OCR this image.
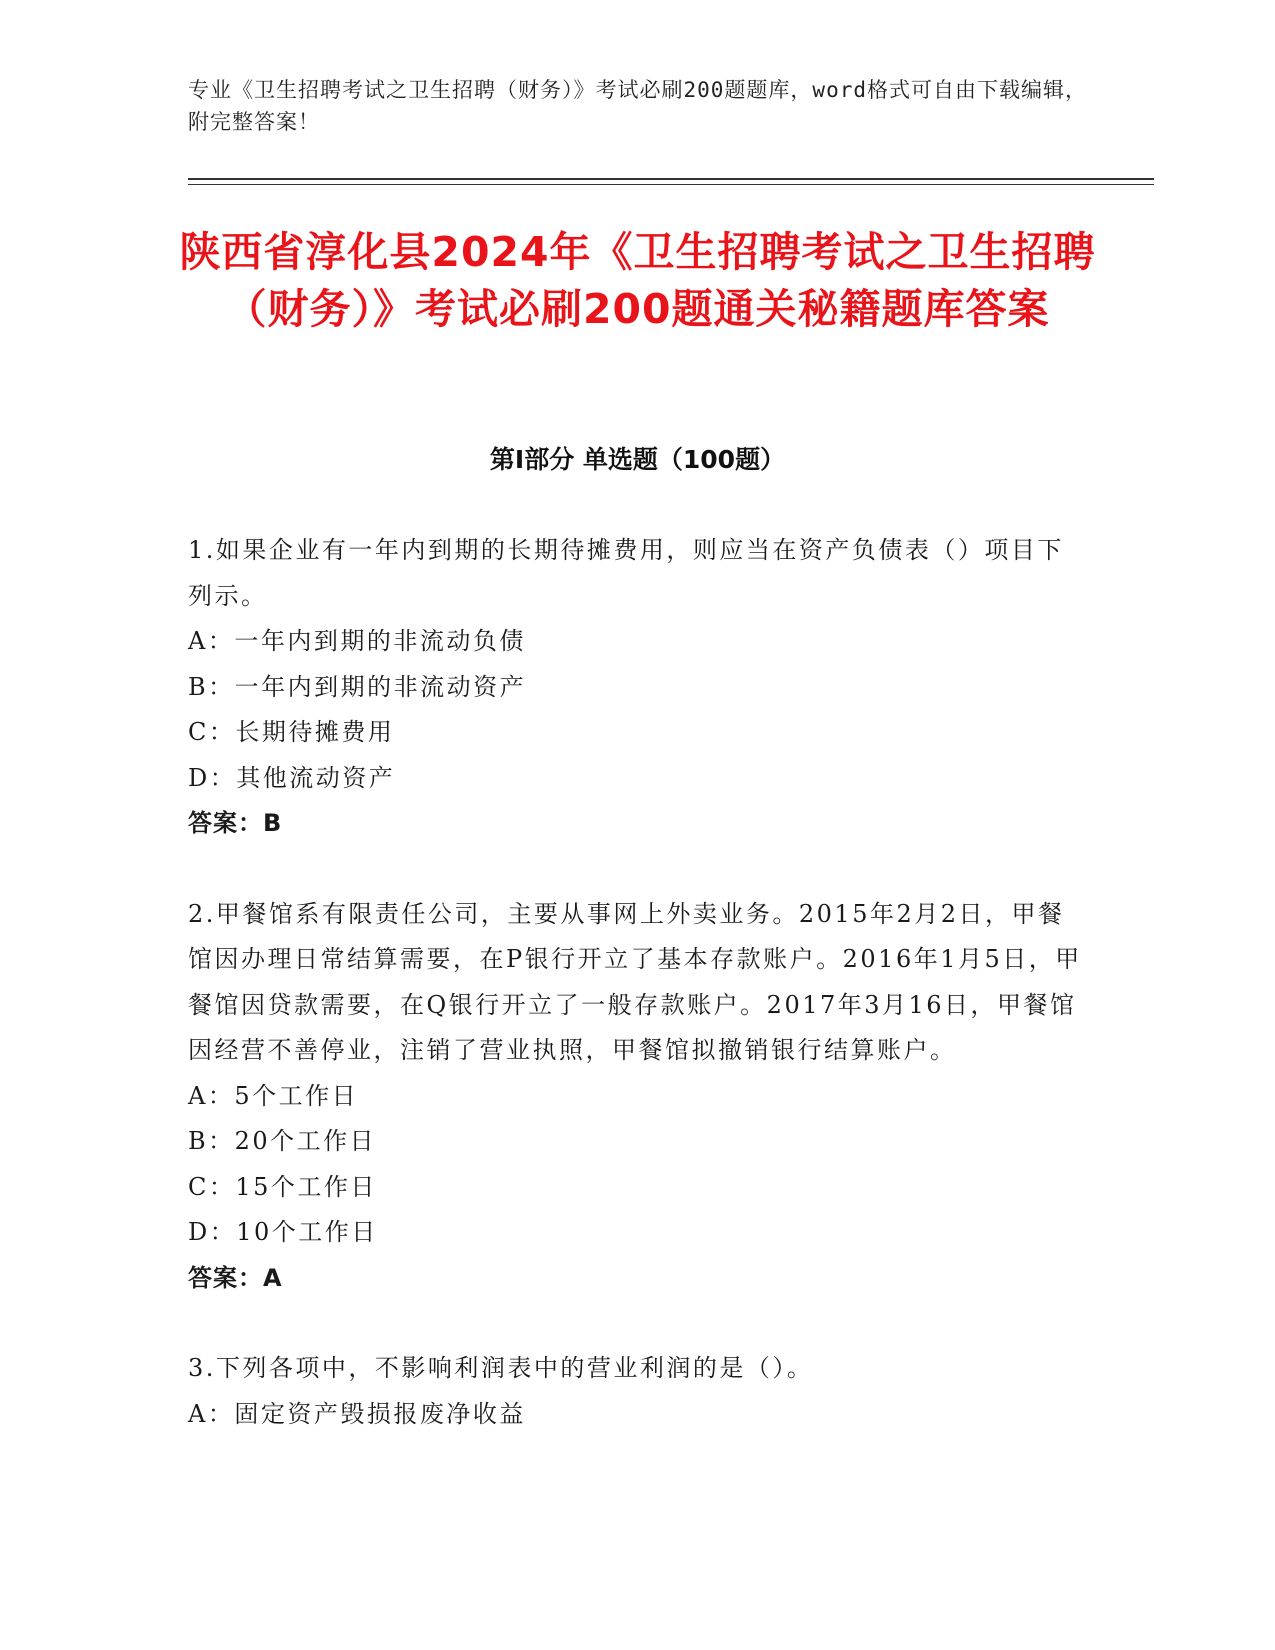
专业《卫生招聘考试之卫生招聘（财务）》考试必刷200题题库，word格式可自由下载编辑，附完整答案！
陕西省淳化县2024年《卫生招聘考试之卫生招聘（财务）》考试必刷200题通关秘籍题库答案
第I部分 单选题（100题）
1.如果企业有一年内到期的长期待摊费用，则应当在资产负债表（）项目下列示。
A：一年内到期的非流动负债
B：一年内到期的非流动资产
C：长期待摊费用
D：其他流动资产
答案：B
2.甲餐馆系有限责任公司，主要从事网上外卖业务。2015年2月2日，甲餐馆因办理日常结算需要，在P银行开立了基本存款账户。2016年1月5日，甲餐馆因贷款需要，在Q银行开立了一般存款账户。2017年3月16日，甲餐馆因经营不善停业，注销了营业执照，甲餐馆拟撤销银行结算账户。
A：5个工作日
B：20个工作日
C：15个工作日
D：10个工作日
答案：A
3.下列各项中，不影响利润表中的营业利润的是（）。
A：固定资产毁损报废净收益
